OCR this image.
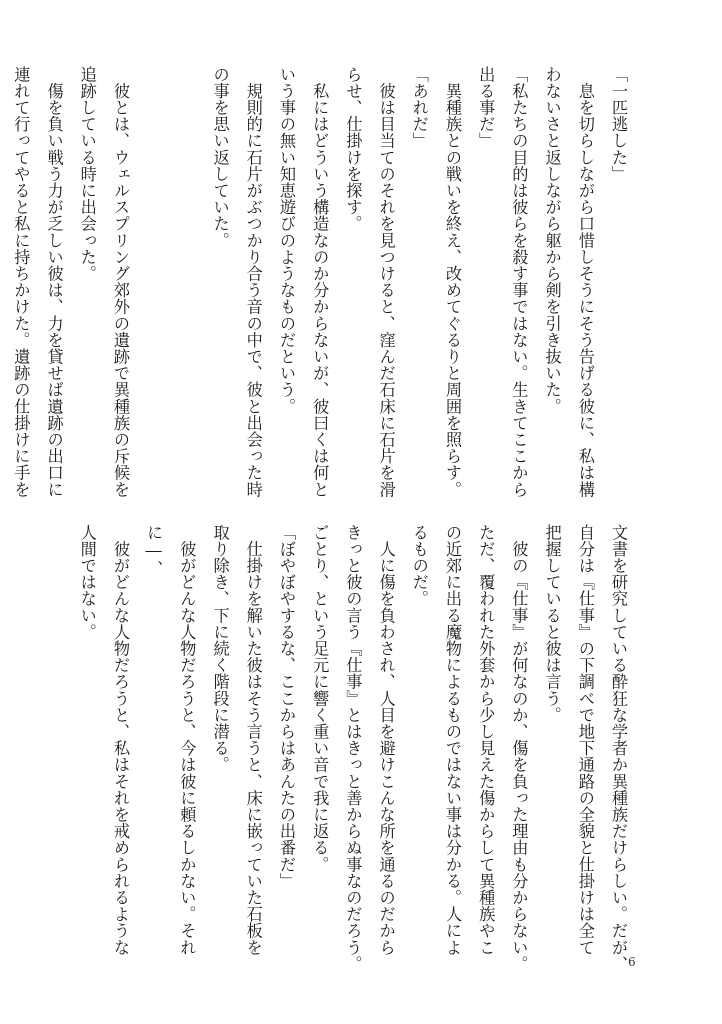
「一匹逃した」
　息を切らしながら口惜しそうにそう告げる彼に、私は構
わないさと返しながら躯から剣を引き抜いた。
「私たちの目的は彼らを殺す事ではない。生きてここから
出る事だ」
　異種族との戦いを終え、改めてぐるりと周囲を照らす。
「あれだ」
　彼は目当てのそれを見つけると、窪んだ石床に石片を滑
らせ、仕掛けを探す。
　私にはどういう構造なのか分からないが、彼曰くは何と
いう事の無い知恵遊びのようなものだという。
　規則的に石片がぶつかり合う音の中で、彼と出会った時
の事を思い返していた。

　彼とは、ウェルスプリング郊外の遺跡で異種族の斥候を
追跡している時に出会った。
　傷を負い戦う力が乏しい彼は、力を貸せば遺跡の出口に
連れて行ってやると私に持ちかけた。遺跡の仕掛けに手を
文書を研究している酔狂な学者か異種族だけらしい。だが、
自分は『仕事』の下調べで地下通路の全貌と仕掛けは全て
把握していると彼は言う。
　彼の『仕事』が何なのか、傷を負った理由も分からない。
ただ、覆われた外套から少し見えた傷からして異種族やこ
の近郊に出る魔物によるものではない事は分かる。人によ
るものだ。
　人に傷を負わされ、人目を避けこんな所を通るのだから
きっと彼の言う『仕事』とはきっと善からぬ事なのだろう。
ごとり、という足元に響く重い音で我に返る。
「ぼやぼやするな、ここからはあんたの出番だ」
　仕掛けを解いた彼はそう言うと、床に嵌っていた石板を
取り除き、下に続く階段に潜る。
　彼がどんな人物だろうと、今は彼に頼るしかない。それ
に―、
　彼がどんな人物だろうと、私はそれを戒められるような
人間ではない。

6
